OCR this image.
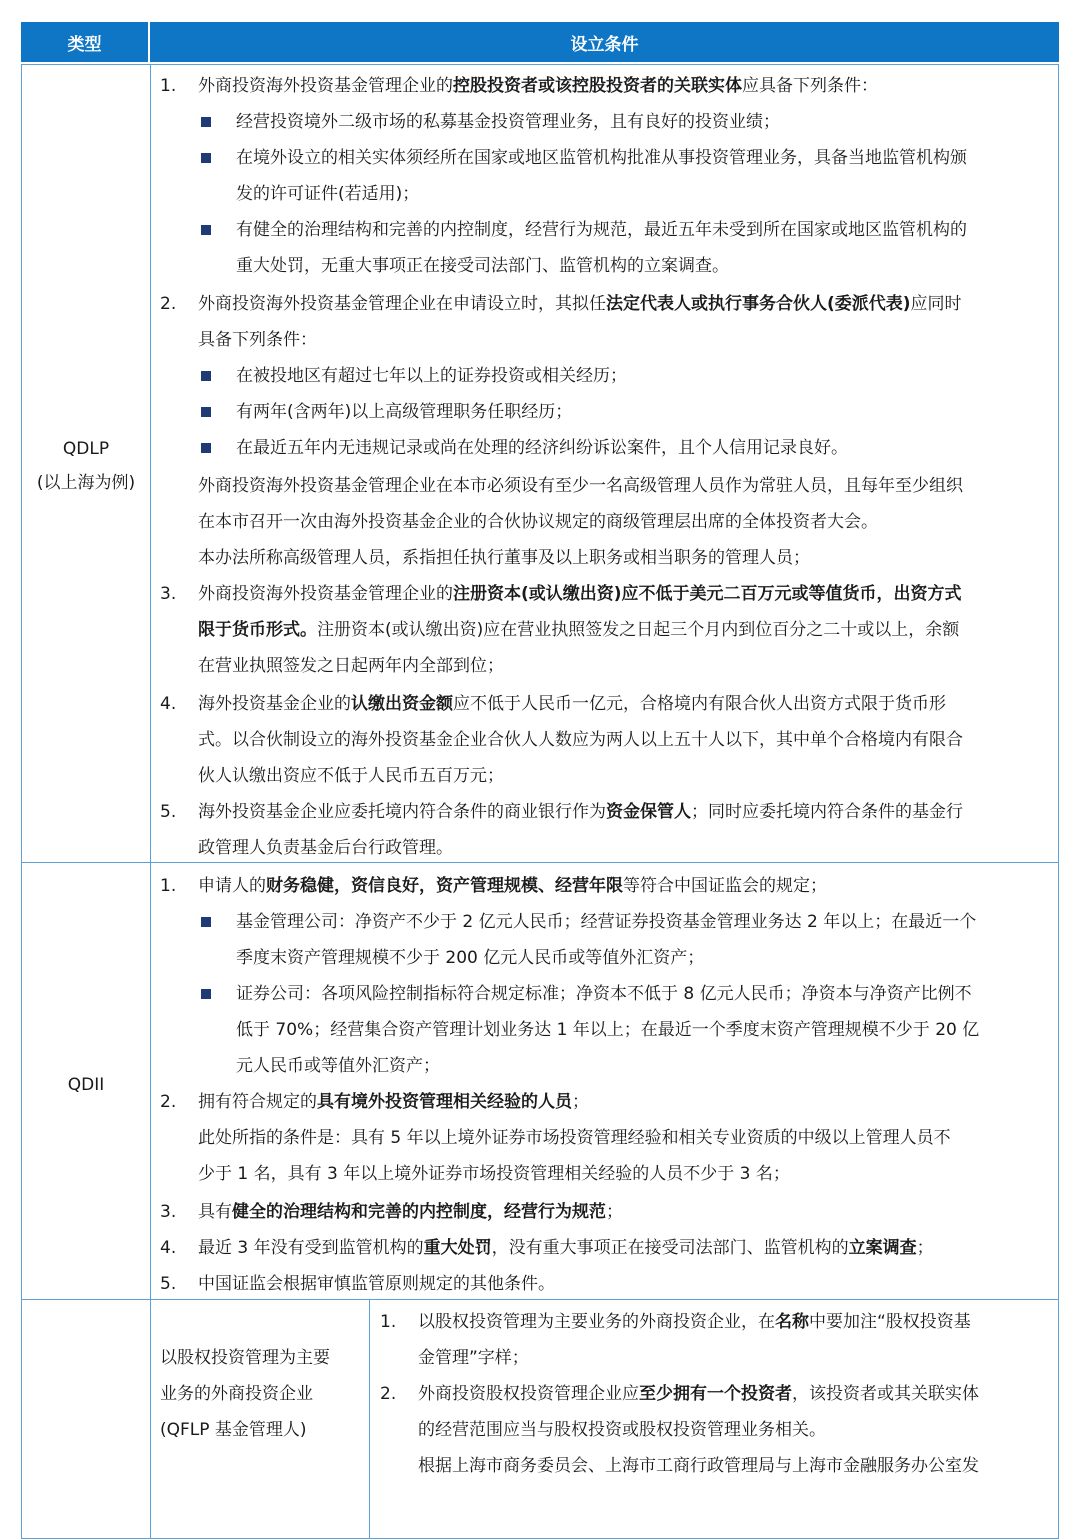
类型	设立条件
QDLP
(以上海为例)
1. 外商投资海外投资基金管理企业的控股投资者或该控股投资者的关联实体应具备下列条件：
经营投资境外二级市场的私募基金投资管理业务，且有良好的投资业绩；
在境外设立的相关实体须经所在国家或地区监管机构批准从事投资管理业务，具备当地监管机构颁
发的许可证件(若适用)；
有健全的治理结构和完善的内控制度，经营行为规范，最近五年未受到所在国家或地区监管机构的
重大处罚，无重大事项正在接受司法部门、监管机构的立案调查。
2. 外商投资海外投资基金管理企业在申请设立时，其拟任法定代表人或执行事务合伙人(委派代表)应同时
具备下列条件：
在被投地区有超过七年以上的证券投资或相关经历；
有两年(含两年)以上高级管理职务任职经历；
在最近五年内无违规记录或尚在处理的经济纠纷诉讼案件，且个人信用记录良好。
外商投资海外投资基金管理企业在本市必须设有至少一名高级管理人员作为常驻人员，且每年至少组织
在本市召开一次由海外投资基金企业的合伙协议规定的商级管理层出席的全体投资者大会。
本办法所称高级管理人员，系指担任执行董事及以上职务或相当职务的管理人员；
3. 外商投资海外投资基金管理企业的注册资本(或认缴出资)应不低于美元二百万元或等值货币，出资方式
限于货币形式。注册资本(或认缴出资)应在营业执照签发之日起三个月内到位百分之二十或以上，余额
在营业执照签发之日起两年内全部到位；
4. 海外投资基金企业的认缴出资金额应不低于人民币一亿元，合格境内有限合伙人出资方式限于货币形
式。以合伙制设立的海外投资基金企业合伙人人数应为两人以上五十人以下，其中单个合格境内有限合
伙人认缴出资应不低于人民币五百万元；
5. 海外投资基金企业应委托境内符合条件的商业银行作为资金保管人；同时应委托境内符合条件的基金行
政管理人负责基金后台行政管理。
QDII
1. 申请人的财务稳健，资信良好，资产管理规模、经营年限等符合中国证监会的规定；
基金管理公司：净资产不少于 2 亿元人民币；经营证券投资基金管理业务达 2 年以上；在最近一个
季度末资产管理规模不少于 200 亿元人民币或等值外汇资产；
证券公司：各项风险控制指标符合规定标准；净资本不低于 8 亿元人民币；净资本与净资产比例不
低于 70%；经营集合资产管理计划业务达 1 年以上；在最近一个季度末资产管理规模不少于 20 亿
元人民币或等值外汇资产；
2. 拥有符合规定的具有境外投资管理相关经验的人员；
此处所指的条件是：具有 5 年以上境外证券市场投资管理经验和相关专业资质的中级以上管理人员不
少于 1 名，具有 3 年以上境外证券市场投资管理相关经验的人员不少于 3 名；
3. 具有健全的治理结构和完善的内控制度，经营行为规范；
4. 最近 3 年没有受到监管机构的重大处罚，没有重大事项正在接受司法部门、监管机构的立案调查；
5. 中国证监会根据审慎监管原则规定的其他条件。
以股权投资管理为主要
业务的外商投资企业
(QFLP 基金管理人)
1. 以股权投资管理为主要业务的外商投资企业，在名称中要加注“股权投资基
金管理”字样；
2. 外商投资股权投资管理企业应至少拥有一个投资者，该投资者或其关联实体
的经营范围应当与股权投资或股权投资管理业务相关。
根据上海市商务委员会、上海市工商行政管理局与上海市金融服务办公室发
